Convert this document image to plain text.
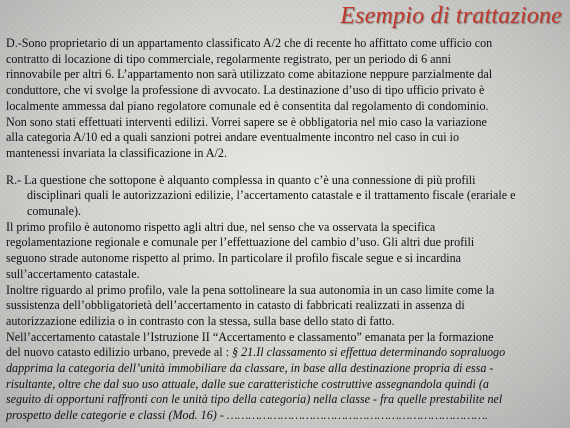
Esempio di trattazione
D.-Sono proprietario di un appartamento classificato A/2 che di recente ho affittato come ufficio con
contratto di locazione di tipo commerciale, regolarmente registrato, per un periodo di 6 anni
rinnovabile per altri 6. L’appartamento non sarà utilizzato come abitazione neppure parzialmente dal
conduttore, che vi svolge la professione di avvocato. La destinazione d’uso di tipo ufficio privato è
localmente ammessa dal piano regolatore comunale ed è consentita dal regolamento di condominio.
Non sono stati effettuati interventi edilizi. Vorrei sapere se è obbligatoria nel mio caso la variazione
alla categoria A/10 ed a quali sanzioni potrei andare eventualmente incontro nel caso in cui io
mantenessi invariata la classificazione in A/2.
R.- La questione che sottopone è alquanto complessa in quanto c’è una connessione di più profili
disciplinari quali le autorizzazioni edilizie, l’accertamento catastale e il trattamento fiscale (erariale e
comunale).
Il primo profilo è autonomo rispetto agli altri due, nel senso che va osservata la specifica
regolamentazione regionale e comunale per l’effettuazione del cambio d’uso. Gli altri due profili
seguono strade autonome rispetto al primo. In particolare il profilo fiscale segue e si incardina
sull’accertamento catastale.
Inoltre riguardo al primo profilo, vale la pena sottolineare la sua autonomia in un caso limite come la
sussistenza dell’obbligatorietà dell’accertamento in catasto di fabbricati realizzati in assenza di
autorizzazione edilizia o in contrasto con la stessa, sulla base dello stato di fatto.
Nell’accertamento catastale l’Istruzione II “Accertamento e classamento” emanata per la formazione
del nuovo catasto edilizio urbano, prevede al : § 21.Il classamento si effettua determinando sopraluogo
dapprima la categoria dell’unità immobiliare da classare, in base alla destinazione propria di essa -
risultante, oltre che dal suo uso attuale, dalle sue caratteristiche costruttive assegnandola quindi (a
seguito di opportuni raffronti con le unità tipo della categoria) nella classe - fra quelle prestabilite nel
prospetto delle categorie e classi (Mod. 16) - ……………………………………………………………….
